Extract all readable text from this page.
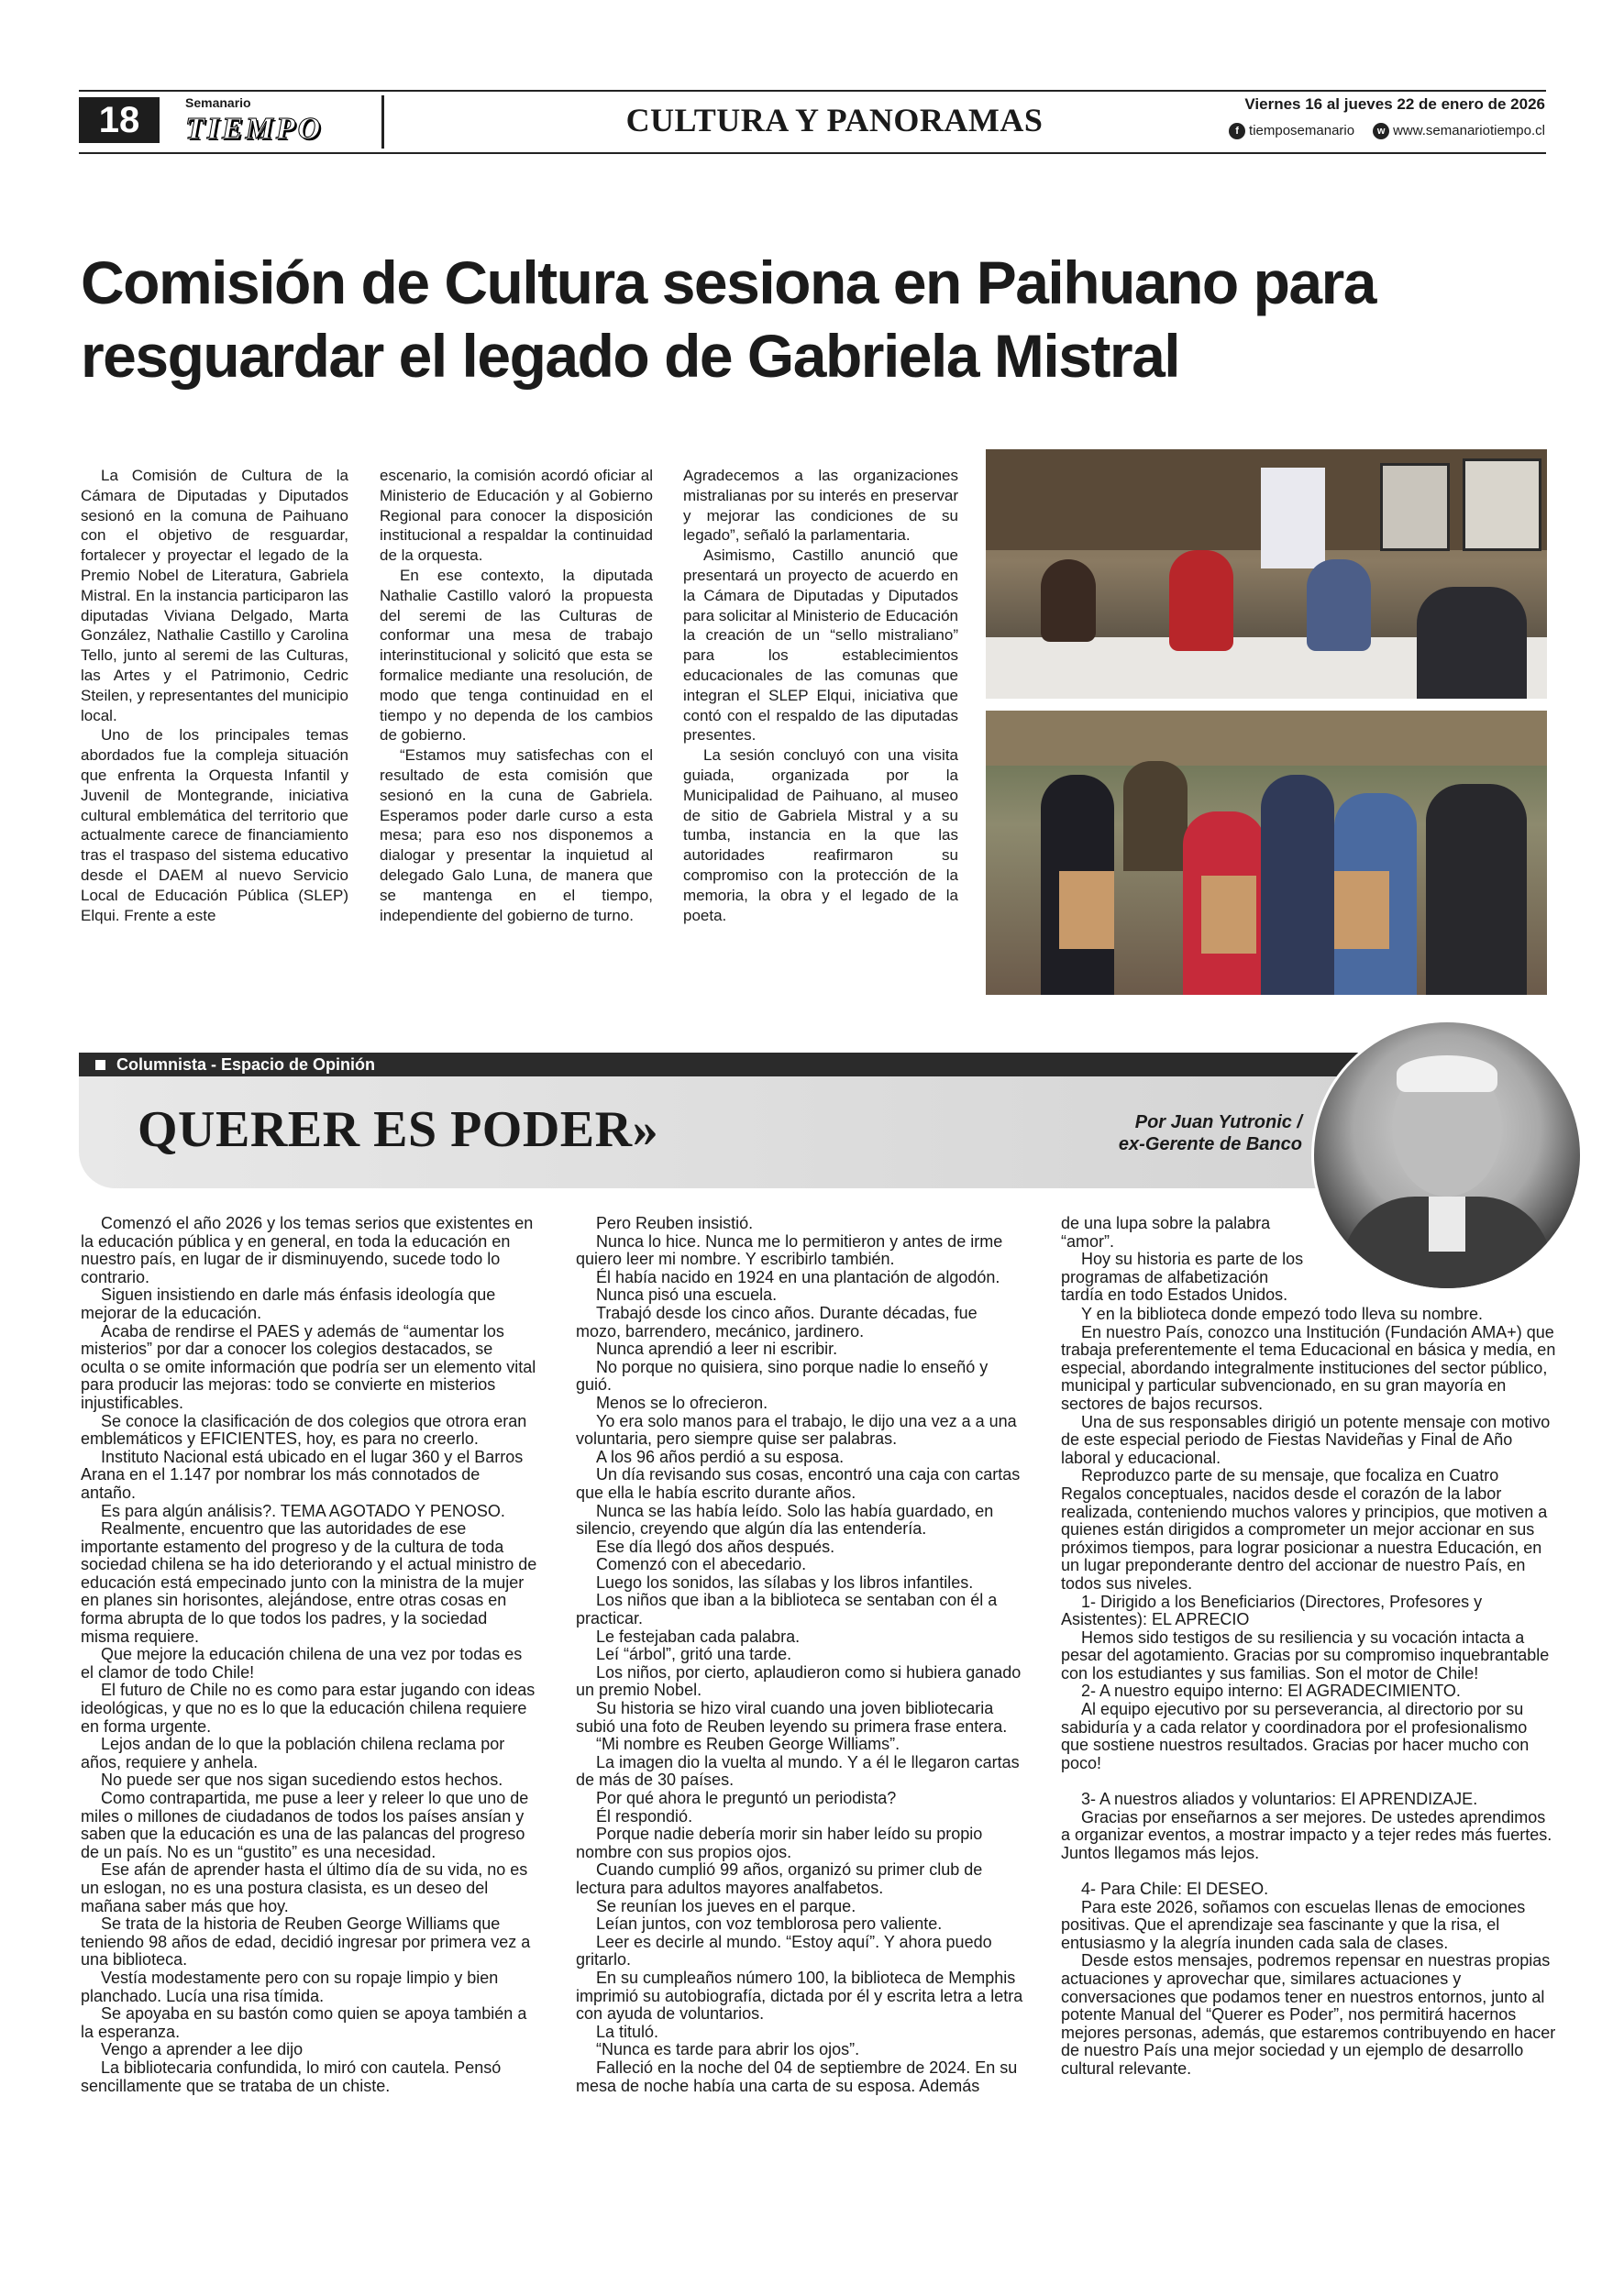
18	Semanario
TIEMPO	CULTURA Y PANORAMAS	Viernes 16 al jueves 22 de enero de 2026
f tiemposemanario	w www.semanariotiempo.cl
Comisión de Cultura sesiona en Paihuano para resguardar el legado de Gabriela Mistral

La Comisión de Cultura de la Cámara de Diputadas y Diputados sesionó en la comuna de Paihuano con el objetivo de resguardar, fortalecer y proyectar el legado de la Premio Nobel de Literatura, Gabriela Mistral. En la instancia participaron las diputadas Viviana Delgado, Marta González, Nathalie Castillo y Carolina Tello, junto al seremi de las Culturas, las Artes y el Patrimonio, Cedric Steilen, y representantes del municipio local.

Uno de los principales temas abordados fue la compleja situación que enfrenta la Orquesta Infantil y Juvenil de Montegrande, iniciativa cultural emblemática del territorio que actualmente carece de financiamiento tras el traspaso del sistema educativo desde el DAEM al nuevo Servicio Local de Educación Pública (SLEP) Elqui. Frente a este

escenario, la comisión acordó oficiar al Ministerio de Educación y al Gobierno Regional para conocer la disposición institucional a respaldar la continuidad de la orquesta.

En ese contexto, la diputada Nathalie Castillo valoró la propuesta del seremi de las Culturas de conformar una mesa de trabajo interinstitucional y solicitó que esta se formalice mediante una resolución, de modo que tenga continuidad en el tiempo y no dependa de los cambios de gobierno.

“Estamos muy satisfechas con el resultado de esta comisión que sesionó en la cuna de Gabriela. Esperamos poder darle curso a esta mesa; para eso nos disponemos a dialogar y presentar la inquietud al delegado Galo Luna, de manera que se mantenga en el tiempo, independiente del gobierno de turno.

Agradecemos a las organizaciones mistralianas por su interés en preservar y mejorar las condiciones de su legado”, señaló la parlamentaria.

Asimismo, Castillo anunció que presentará un proyecto de acuerdo en la Cámara de Diputadas y Diputados para solicitar al Ministerio de Educación la creación de un “sello mistraliano” para los establecimientos educacionales de las comunas que integran el SLEP Elqui, iniciativa que contó con el respaldo de las diputadas presentes.

La sesión concluyó con una visita guiada, organizada por la Municipalidad de Paihuano, al museo de sitio de Gabriela Mistral y a su tumba, instancia en la que las autoridades reafirmaron su compromiso con la protección de la memoria, la obra y el legado de la poeta.

Columnista - Espacio de Opinión
QUERER ES PODER»	Por Juan Yutronic /
ex-Gerente de Banco

Comenzó el año 2026 y los temas serios que existentes en la educación pública y en general, en toda la educación en nuestro país, en lugar de ir disminuyendo, sucede todo lo contrario.

Siguen insistiendo en darle más énfasis ideología que mejorar de la educación.

Acaba de rendirse el PAES y además de “aumentar los misterios” por dar a conocer los colegios destacados, se oculta o se omite información que podría ser un elemento vital para producir las mejoras: todo se convierte en misterios injustificables.

Se conoce la clasificación de dos colegios que otrora eran emblemáticos y EFICIENTES, hoy, es para no creerlo.

Instituto Nacional está ubicado en el lugar 360 y el Barros Arana en el 1.147 por nombrar los más connotados de antaño.

Es para algún análisis?. TEMA AGOTADO Y PENOSO.

Realmente, encuentro que las autoridades de ese importante estamento del progreso y de la cultura de toda sociedad chilena se ha ido deteriorando y el actual ministro de educación está empecinado junto con la ministra de la mujer en planes sin horisontes, alejándose, entre otras cosas en forma abrupta de lo que todos los padres, y la sociedad misma requiere.

Que mejore la educación chilena de una vez por todas es el clamor de todo Chile!

El futuro de Chile no es como para estar jugando con ideas ideológicas, y que no es lo que la educación chilena requiere en forma urgente.

Lejos andan de lo que la población chilena reclama por años, requiere y anhela.

No puede ser que nos sigan sucediendo estos hechos.

Como contrapartida, me puse a leer y releer lo que uno de miles o millones de ciudadanos de todos los países ansían y saben que la educación es una de las palancas del progreso de un país. No es un “gustito” es una necesidad.

Ese afán de aprender hasta el último día de su vida, no es un eslogan, no es una postura clasista, es un deseo del mañana saber más que hoy.

Se trata de la historia de Reuben George Williams que teniendo 98 años de edad, decidió ingresar por primera vez a una biblioteca.

Vestía modestamente pero con su ropaje limpio y bien planchado. Lucía una risa tímida.

Se apoyaba en su bastón como quien se apoya también a la esperanza.

Vengo a aprender a lee dijo

La bibliotecaria confundida, lo miró con cautela. Pensó sencillamente que se trataba de un chiste.

Pero Reuben insistió.

Nunca lo hice. Nunca me lo permitieron y antes de irme quiero leer mi nombre. Y escribirlo también.

Él había nacido en 1924 en una plantación de algodón.

Nunca pisó una escuela.

Trabajó desde los cinco años. Durante décadas, fue mozo, barrendero, mecánico, jardinero.

Nunca aprendió a leer ni escribir.

No porque no quisiera, sino porque nadie lo enseñó y guió.

Menos se lo ofrecieron.

Yo era solo manos para el trabajo, le dijo una vez a a una voluntaria, pero siempre quise ser palabras.

A los 96 años perdió a su esposa.

Un día revisando sus cosas, encontró una caja con cartas que ella le había escrito durante años.

Nunca se las había leído. Solo las había guardado, en silencio, creyendo que algún día las entendería.

Ese día llegó dos años después.

Comenzó con el abecedario.

Luego los sonidos, las sílabas y los libros infantiles.

Los niños que iban a la biblioteca se sentaban con él a practicar.

Le festejaban cada palabra.

Leí “árbol”, gritó una tarde.

Los niños, por cierto, aplaudieron como si hubiera ganado un premio Nobel.

Su historia se hizo viral cuando una joven bibliotecaria subió una foto de Reuben leyendo su primera frase entera.

“Mi nombre es Reuben George Williams”.

La imagen dio la vuelta al mundo. Y a él le llegaron cartas de más de 30 países.

Por qué ahora le preguntó un periodista?

Él respondió.

Porque nadie debería morir sin haber leído su propio nombre con sus propios ojos.

Cuando cumplió 99 años, organizó su primer club de lectura para adultos mayores analfabetos.

Se reunían los jueves en el parque.

Leían juntos, con voz temblorosa pero valiente.

Leer es decirle al mundo. “Estoy aquí”. Y ahora puedo gritarlo.

En su cumpleaños número 100, la biblioteca de Memphis imprimió su autobiografía, dictada por él y escrita letra a letra con ayuda de voluntarios.

La tituló.

“Nunca es tarde para abrir los ojos”.

Falleció en la noche del 04 de septiembre de 2024. En su mesa de noche había una carta de su esposa. Además

de una lupa sobre la palabra “amor”.

Hoy su historia es parte de los programas de alfabetización tardía en todo Estados Unidos.

Y en la biblioteca donde empezó todo lleva su nombre.

En nuestro País, conozco una Institución (Fundación AMA+) que trabaja preferentemente el tema Educacional en básica y media, en especial, abordando integralmente instituciones del sector público, municipal y particular subvencionado, en su gran mayoría en sectores de bajos recursos.

Una de sus responsables dirigió un potente mensaje con motivo de este especial periodo de Fiestas Navideñas y Final de Año laboral y educacional.

Reproduzco parte de su mensaje, que focaliza en Cuatro Regalos conceptuales, nacidos desde el corazón de la labor realizada, conteniendo muchos valores y principios, que motiven a quienes están dirigidos a comprometer un mejor accionar en sus próximos tiempos, para lograr posicionar a nuestra Educación, en un lugar preponderante dentro del accionar de nuestro País, en todos sus niveles.

1- Dirigido a los Beneficiarios (Directores, Profesores y Asistentes): EL APRECIO

Hemos sido testigos de su resiliencia y su vocación intacta a pesar del agotamiento. Gracias por su compromiso inquebrantable con los estudiantes y sus familias. Son el motor de Chile!

2- A nuestro equipo interno: El AGRADECIMIENTO.

Al equipo ejecutivo por su perseverancia, al directorio por su sabiduría y a cada relator y coordinadora por el profesionalismo que sostiene nuestros resultados. Gracias por hacer mucho con poco!

3- A nuestros aliados y voluntarios: El APRENDIZAJE.

Gracias por enseñarnos a ser mejores. De ustedes aprendimos a organizar eventos, a mostrar impacto y a tejer redes más fuertes. Juntos llegamos más lejos.

4- Para Chile: El DESEO.

Para este 2026, soñamos con escuelas llenas de emociones positivas. Que el aprendizaje sea fascinante y que la risa, el entusiasmo y la alegría inunden cada sala de clases.

Desde estos mensajes, podremos repensar en nuestras propias actuaciones y aprovechar que, similares actuaciones y conversaciones que podamos tener en nuestros entornos, junto al potente Manual del “Querer es Poder”, nos permitirá hacernos mejores personas, además, que estaremos contribuyendo en hacer de nuestro País una mejor sociedad y un ejemplo de desarrollo cultural relevante.
